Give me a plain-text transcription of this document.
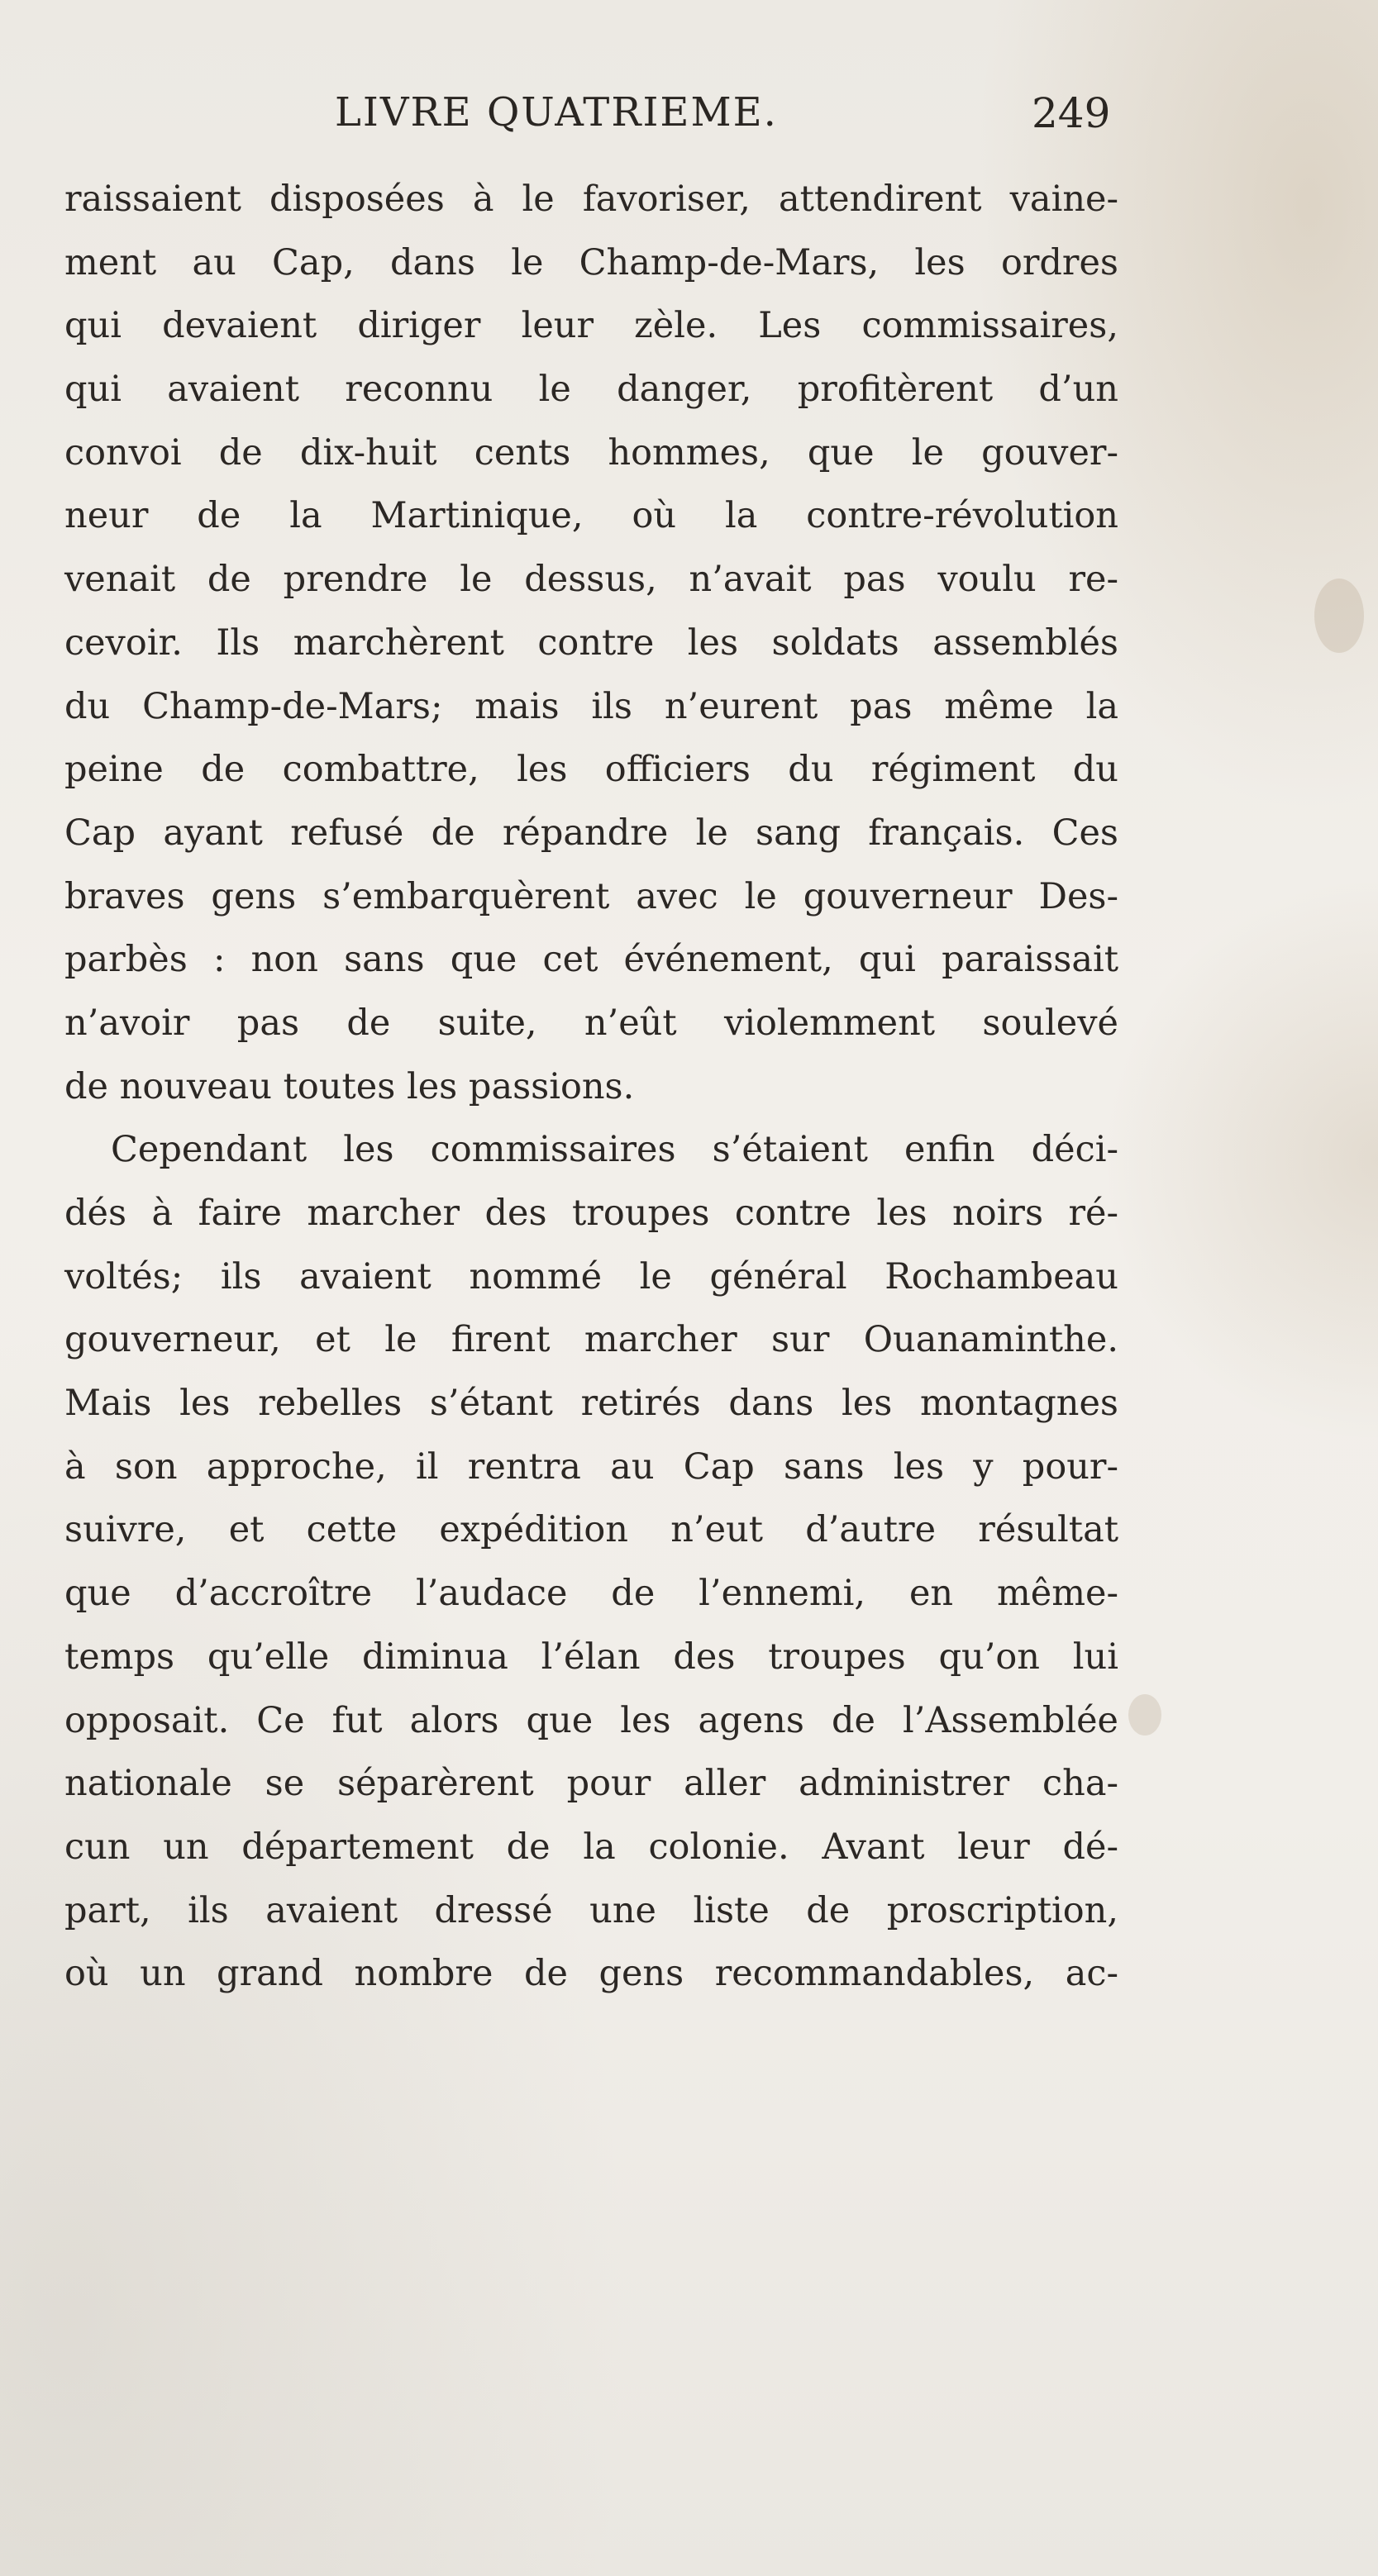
LIVRE QUATRIEME.	249
raissaient disposées à le favoriser, attendirent vaine-
ment au Cap, dans le Champ-de-Mars, les ordres
qui devaient diriger leur zèle. Les commissaires,
qui avaient reconnu le danger, profitèrent d’un
convoi de dix-huit cents hommes, que le gouver-
neur de la Martinique, où la contre-révolution
venait de prendre le dessus, n’avait pas voulu re-
cevoir. Ils marchèrent contre les soldats assemblés
du Champ-de-Mars; mais ils n’eurent pas même la
peine de combattre, les officiers du régiment du
Cap ayant refusé de répandre le sang français. Ces
braves gens s’embarquèrent avec le gouverneur Des-
parbès : non sans que cet événement, qui paraissait
n’avoir pas de suite, n’eût violemment soulevé
de nouveau toutes les passions.
Cependant les commissaires s’étaient enfin déci-
dés à faire marcher des troupes contre les noirs ré-
voltés; ils avaient nommé le général Rochambeau
gouverneur, et le firent marcher sur Ouanaminthe.
Mais les rebelles s’étant retirés dans les montagnes
à son approche, il rentra au Cap sans les y pour-
suivre, et cette expédition n’eut d’autre résultat
que d’accroître l’audace de l’ennemi, en même-
temps qu’elle diminua l’élan des troupes qu’on lui
opposait. Ce fut alors que les agens de l’Assemblée
nationale se séparèrent pour aller administrer cha-
cun un département de la colonie. Avant leur dé-
part, ils avaient dressé une liste de proscription,
où un grand nombre de gens recommandables, ac-
